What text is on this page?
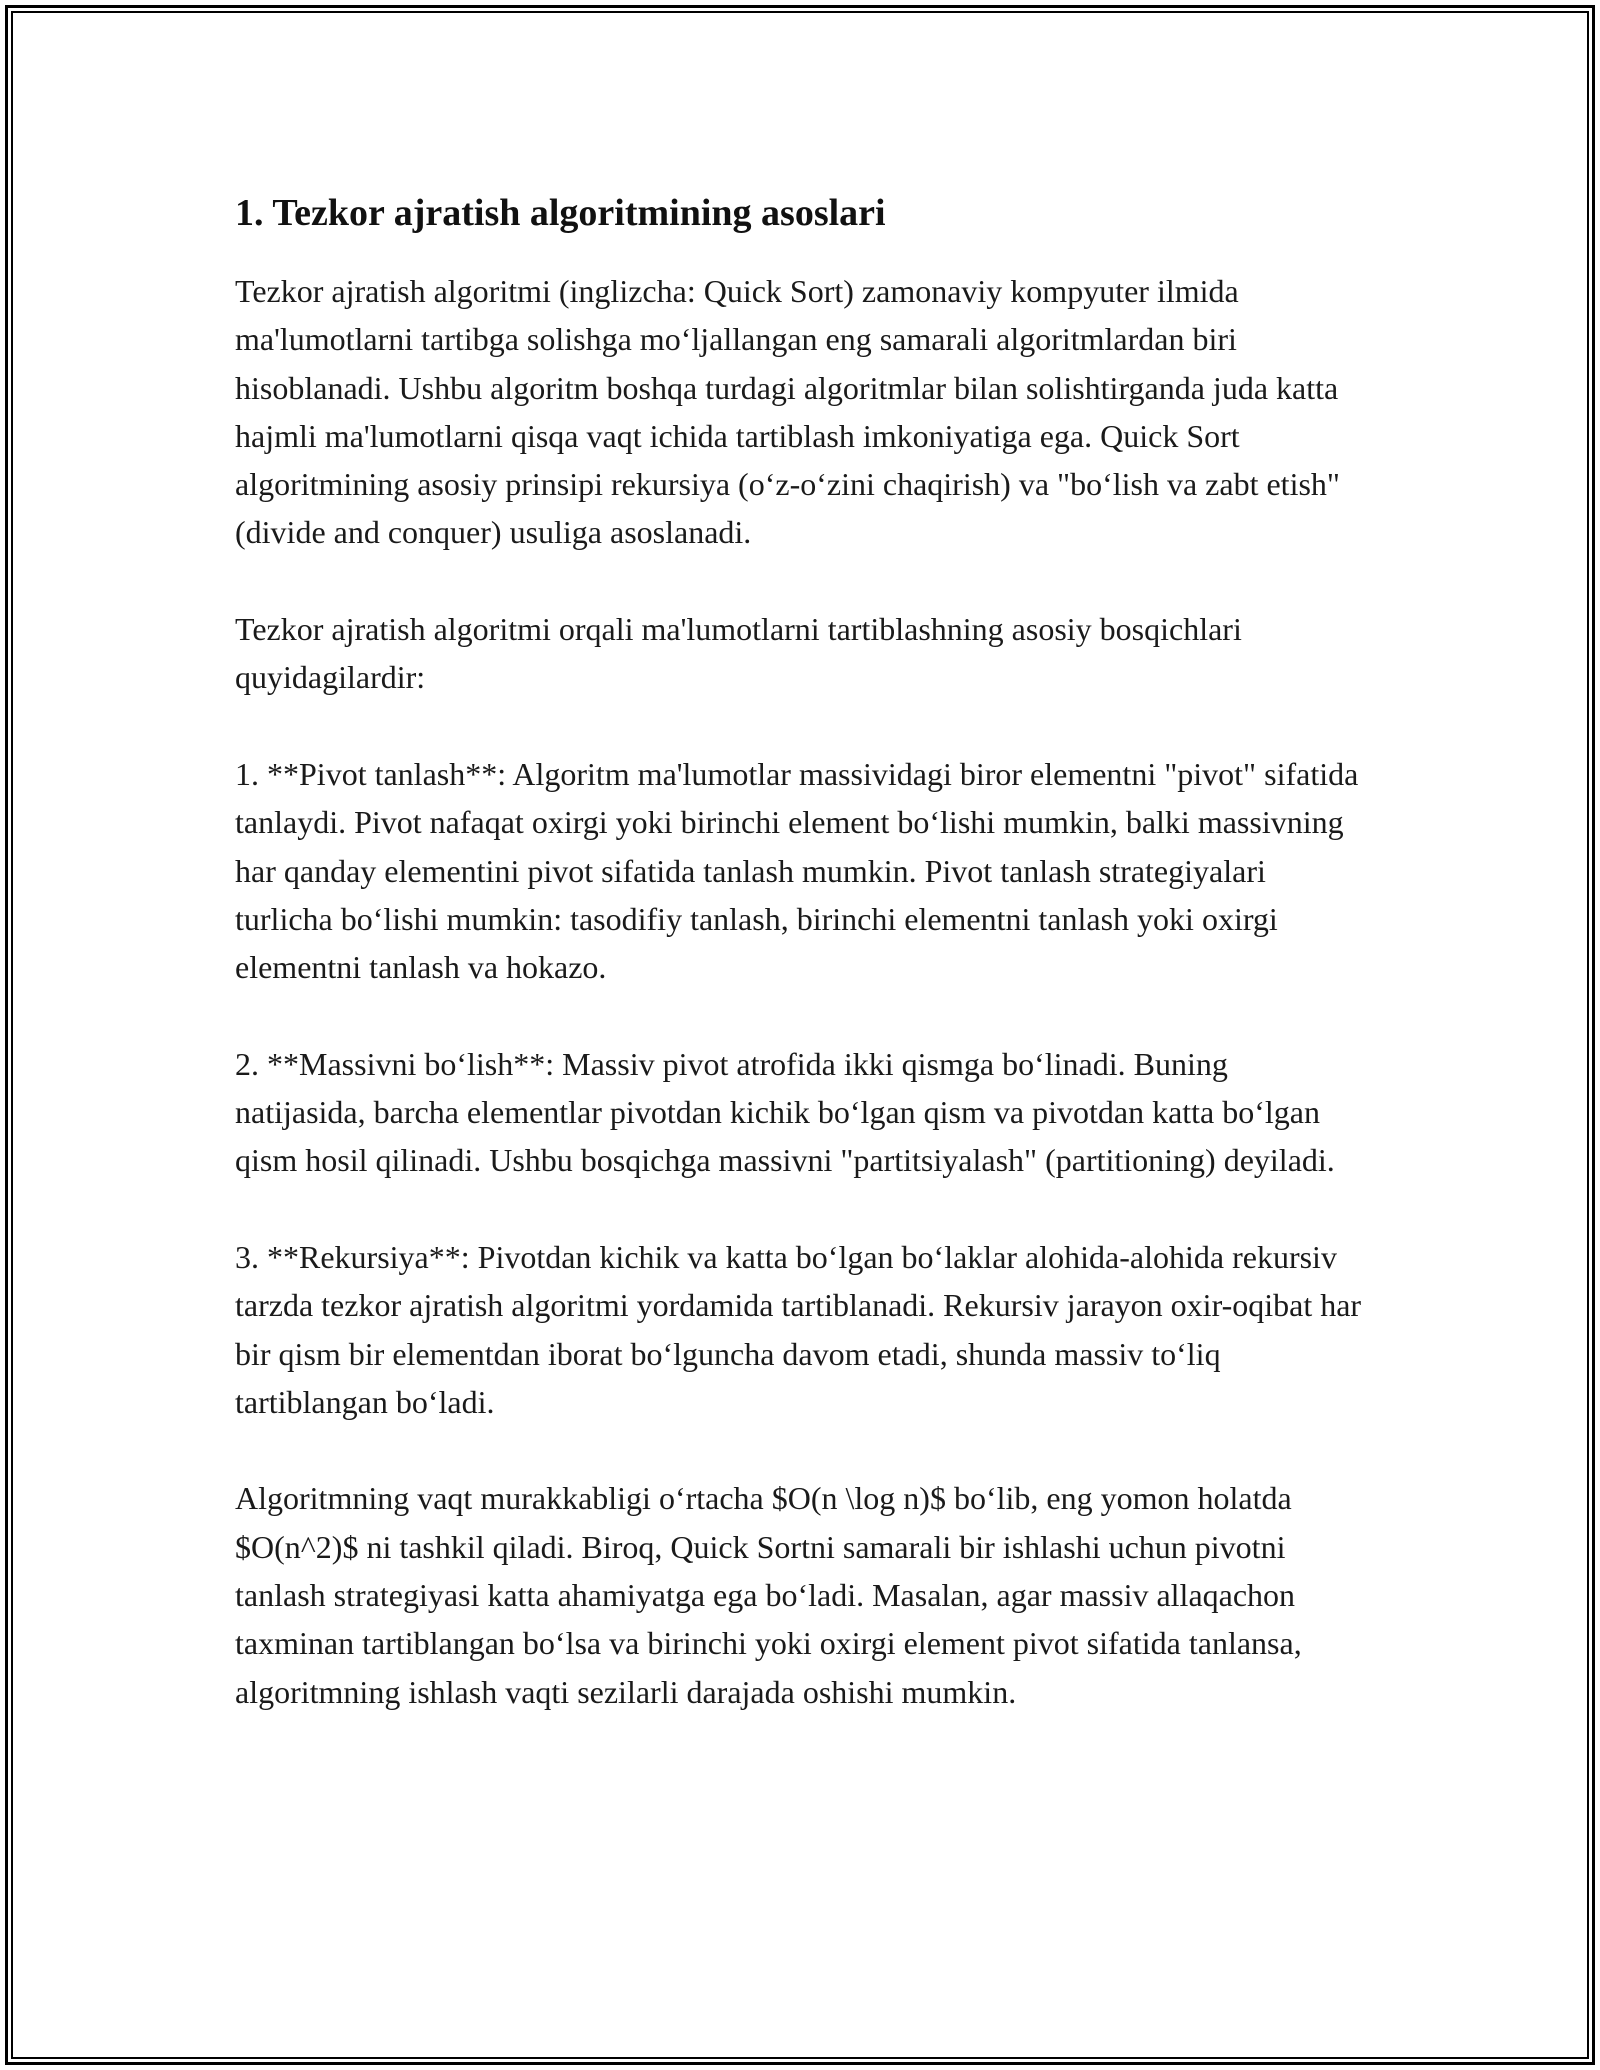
1. Tezkor ajratish algoritmining asoslari

Tezkor ajratish algoritmi (inglizcha: Quick Sort) zamonaviy kompyuter ilmida ma'lumotlarni tartibga solishga mo‘ljallangan eng samarali algoritmlardan biri hisoblanadi. Ushbu algoritm boshqa turdagi algoritmlar bilan solishtirganda juda katta hajmli ma'lumotlarni qisqa vaqt ichida tartiblash imkoniyatiga ega. Quick Sort algoritmining asosiy prinsipi rekursiya (o‘z-o‘zini chaqirish) va "bo‘lish va zabt etish" (divide and conquer) usuliga asoslanadi.

Tezkor ajratish algoritmi orqali ma'lumotlarni tartiblashning asosiy bosqichlari quyidagilardir:

1. **Pivot tanlash**: Algoritm ma'lumotlar massividagi biror elementni "pivot" sifatida tanlaydi. Pivot nafaqat oxirgi yoki birinchi element bo‘lishi mumkin, balki massivning har qanday elementini pivot sifatida tanlash mumkin. Pivot tanlash strategiyalari turlicha bo‘lishi mumkin: tasodifiy tanlash, birinchi elementni tanlash yoki oxirgi elementni tanlash va hokazo.

2. **Massivni bo‘lish**: Massiv pivot atrofida ikki qismga bo‘linadi. Buning natijasida, barcha elementlar pivotdan kichik bo‘lgan qism va pivotdan katta bo‘lgan qism hosil qilinadi. Ushbu bosqichga massivni "partitsiyalash" (partitioning) deyiladi.

3. **Rekursiya**: Pivotdan kichik va katta bo‘lgan bo‘laklar alohida-alohida rekursiv tarzda tezkor ajratish algoritmi yordamida tartiblanadi. Rekursiv jarayon oxir-oqibat har bir qism bir elementdan iborat bo‘lguncha davom etadi, shunda massiv to‘liq tartiblangan bo‘ladi.

Algoritmning vaqt murakkabligi o‘rtacha $O(n \log n)$ bo‘lib, eng yomon holatda $O(n^2)$ ni tashkil qiladi. Biroq, Quick Sortni samarali bir ishlashi uchun pivotni tanlash strategiyasi katta ahamiyatga ega bo‘ladi. Masalan, agar massiv allaqachon taxminan tartiblangan bo‘lsa va birinchi yoki oxirgi element pivot sifatida tanlansa, algoritmning ishlash vaqti sezilarli darajada oshishi mumkin.
